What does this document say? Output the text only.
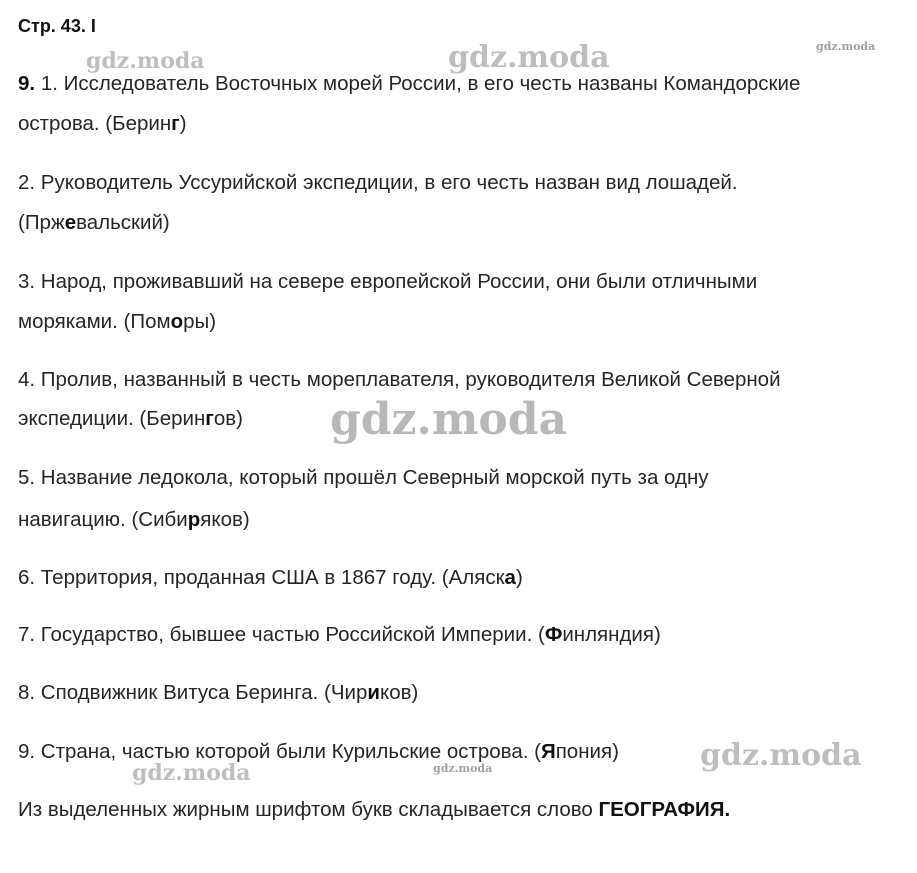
Стр. 43. I
gdz.moda	gdz.moda	gdz.moda
gdz.moda
gdz.moda
gdz.moda	gdz.moda

9. 1. Исследователь Восточных морей России, в его честь названы Командорские

острова. (Беринг)

2. Руководитель Уссурийской экспедиции, в его честь назван вид лошадей.

(Пржевальский)

3. Народ, проживавший на севере европейской России, они были отличными

моряками. (Поморы)

4. Пролив, названный в честь мореплавателя, руководителя Великой Северной

экспедиции. (Берингов)

5. Название ледокола, который прошёл Северный морской путь за одну

навигацию. (Сибиряков)

6. Территория, проданная США в 1867 году. (Аляска)

7. Государство, бывшее частью Российской Империи. (Финляндия)

8. Сподвижник Витуса Беринга. (Чириков)

9. Страна, частью которой были Курильские острова. (Япония)

Из выделенных жирным шрифтом букв складывается слово ГЕОГРАФИЯ.
